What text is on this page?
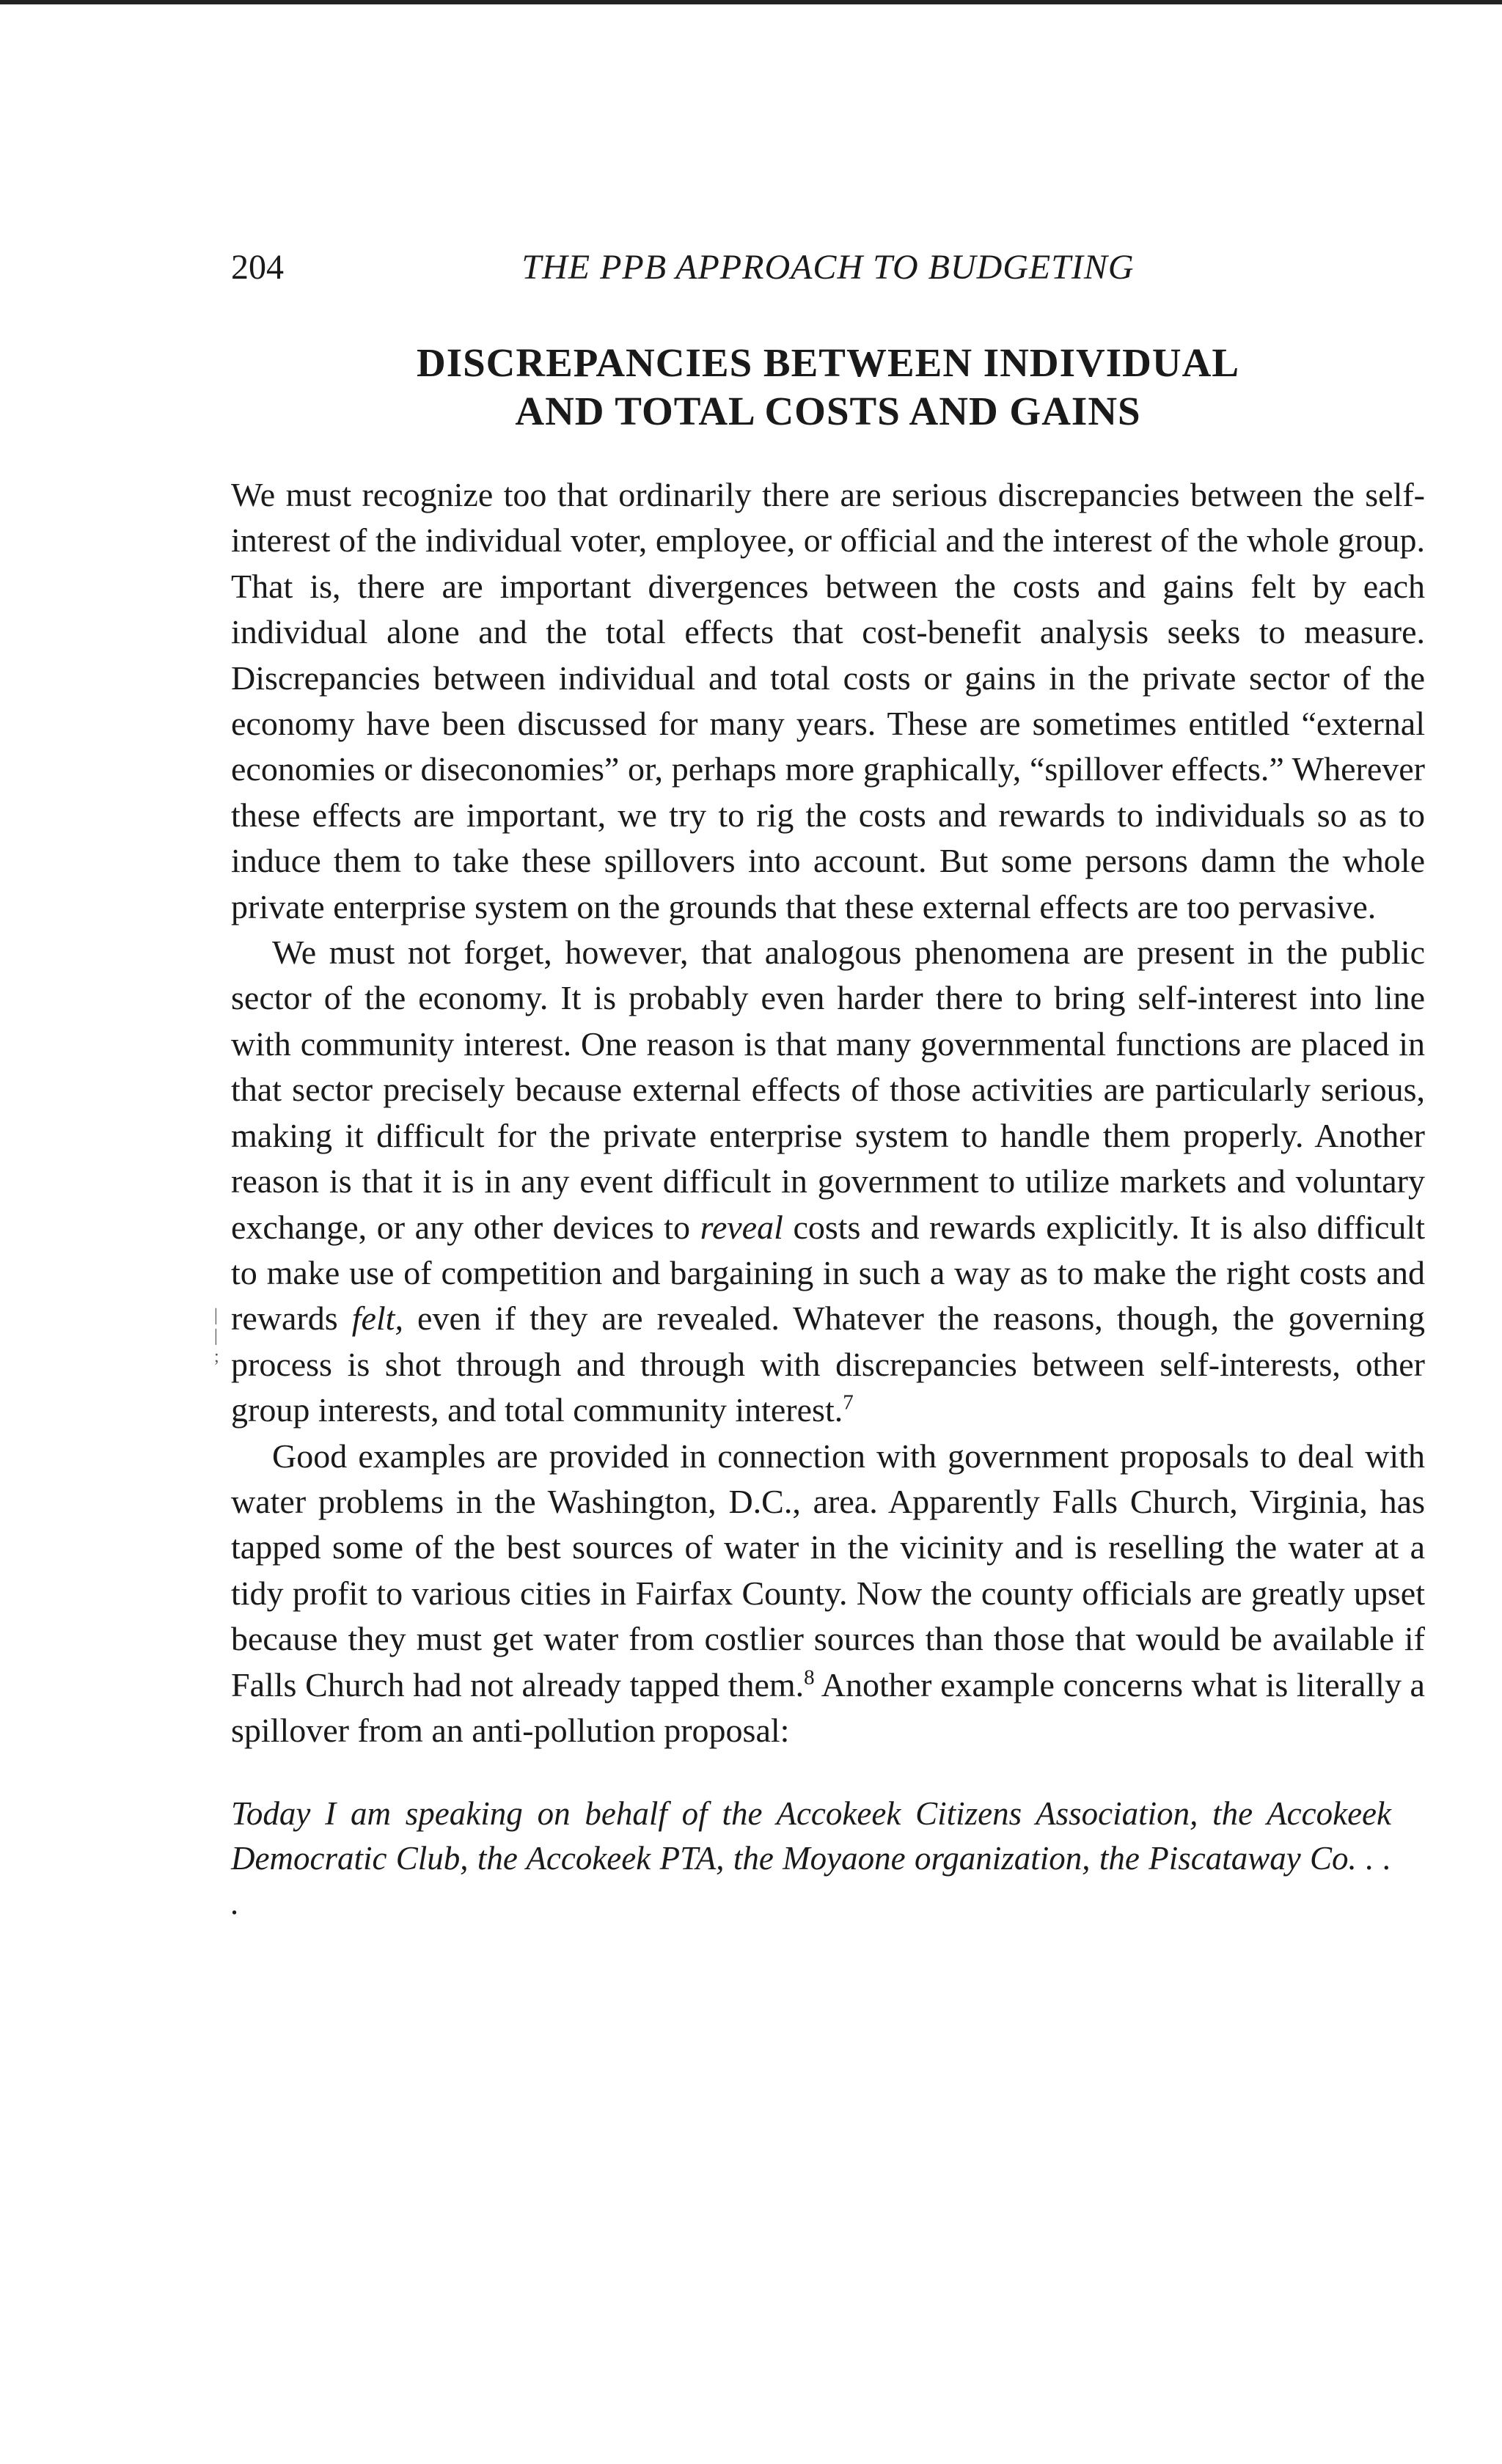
|
|
;
204	THE PPB APPROACH TO BUDGETING
DISCREPANCIES BETWEEN INDIVIDUAL
AND TOTAL COSTS AND GAINS

We must recognize too that ordinarily there are serious discrepancies between the self-interest of the individual voter, employee, or official and the interest of the whole group. That is, there are important divergences between the costs and gains felt by each individual alone and the total effects that cost-benefit analysis seeks to measure. Discrepancies between individual and total costs or gains in the private sector of the economy have been discussed for many years. These are sometimes entitled “external economies or diseconomies” or, perhaps more graphically, “spillover effects.” Wherever these effects are important, we try to rig the costs and rewards to individuals so as to induce them to take these spillovers into account. But some persons damn the whole private enterprise system on the grounds that these external effects are too pervasive.

We must not forget, however, that analogous phenomena are present in the public sector of the economy. It is probably even harder there to bring self-interest into line with community interest. One reason is that many governmental functions are placed in that sector precisely because external effects of those activities are particularly serious, making it difficult for the private enterprise system to handle them properly. Another reason is that it is in any event difficult in government to utilize markets and voluntary exchange, or any other devices to reveal costs and rewards explicitly. It is also difficult to make use of competition and bargaining in such a way as to make the right costs and rewards felt, even if they are revealed. Whatever the reasons, though, the governing process is shot through and through with discrepancies between self-interests, other group interests, and total community interest.$^7$

Good examples are provided in connection with government proposals to deal with water problems in the Washington, D.C., area. Apparently Falls Church, Virginia, has tapped some of the best sources of water in the vicinity and is reselling the water at a tidy profit to various cities in Fairfax County. Now the county officials are greatly upset because they must get water from costlier sources than those that would be available if Falls Church had not already tapped them.$^8$ Another example concerns what is literally a spillover from an anti-pollution proposal:

Today I am speaking on behalf of the Accokeek Citizens Association, the Accokeek Democratic Club, the Accokeek PTA, the Moyaone organization, the Piscataway Co. . . .
